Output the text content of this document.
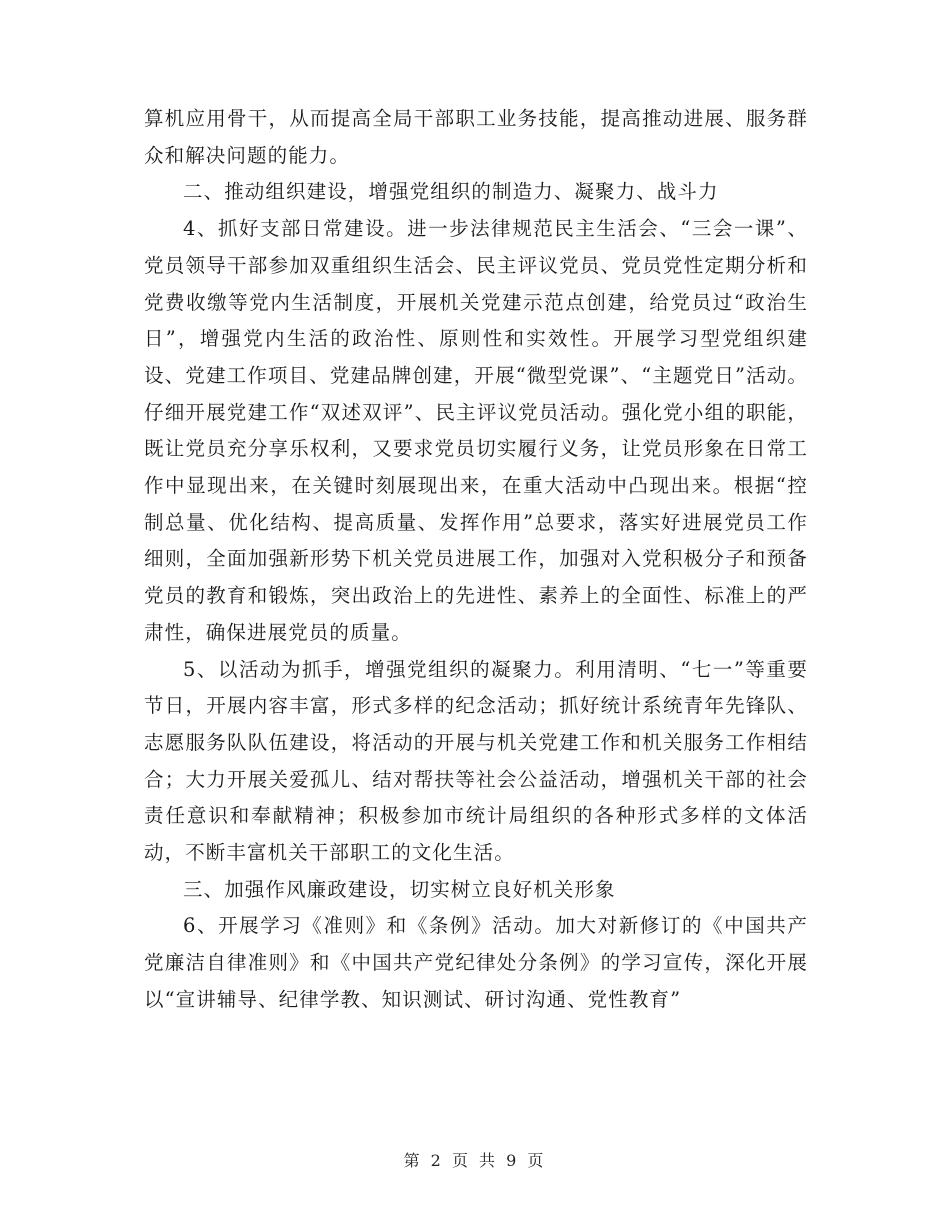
算机应用骨干，从而提高全局干部职工业务技能，提高推动进展、服务群众和解决问题的能力。

二、推动组织建设，增强党组织的制造力、凝聚力、战斗力

4、抓好支部日常建设。进一步法律规范民主生活会、“三会一课”、党员领导干部参加双重组织生活会、民主评议党员、党员党性定期分析和党费收缴等党内生活制度，开展机关党建示范点创建，给党员过“政治生日”，增强党内生活的政治性、原则性和实效性。开展学习型党组织建设、党建工作项目、党建品牌创建，开展“微型党课”、“主题党日”活动。仔细开展党建工作“双述双评”、民主评议党员活动。强化党小组的职能，既让党员充分享乐权利，又要求党员切实履行义务，让党员形象在日常工作中显现出来，在关键时刻展现出来，在重大活动中凸现出来。根据“控制总量、优化结构、提高质量、发挥作用”总要求，落实好进展党员工作细则，全面加强新形势下机关党员进展工作，加强对入党积极分子和预备党员的教育和锻炼，突出政治上的先进性、素养上的全面性、标准上的严肃性，确保进展党员的质量。

5、以活动为抓手，增强党组织的凝聚力。利用清明、“七一”等重要节日，开展内容丰富，形式多样的纪念活动；抓好统计系统青年先锋队、志愿服务队队伍建设，将活动的开展与机关党建工作和机关服务工作相结合；大力开展关爱孤儿、结对帮扶等社会公益活动，增强机关干部的社会责任意识和奉献精神；积极参加市统计局组织的各种形式多样的文体活动，不断丰富机关干部职工的文化生活。

三、加强作风廉政建设，切实树立良好机关形象

6、开展学习《准则》和《条例》活动。加大对新修订的《中国共产党廉洁自律准则》和《中国共产党纪律处分条例》的学习宣传，深化开展以“宣讲辅导、纪律学教、知识测试、研讨沟通、党性教育”

第 2 页 共 9 页
